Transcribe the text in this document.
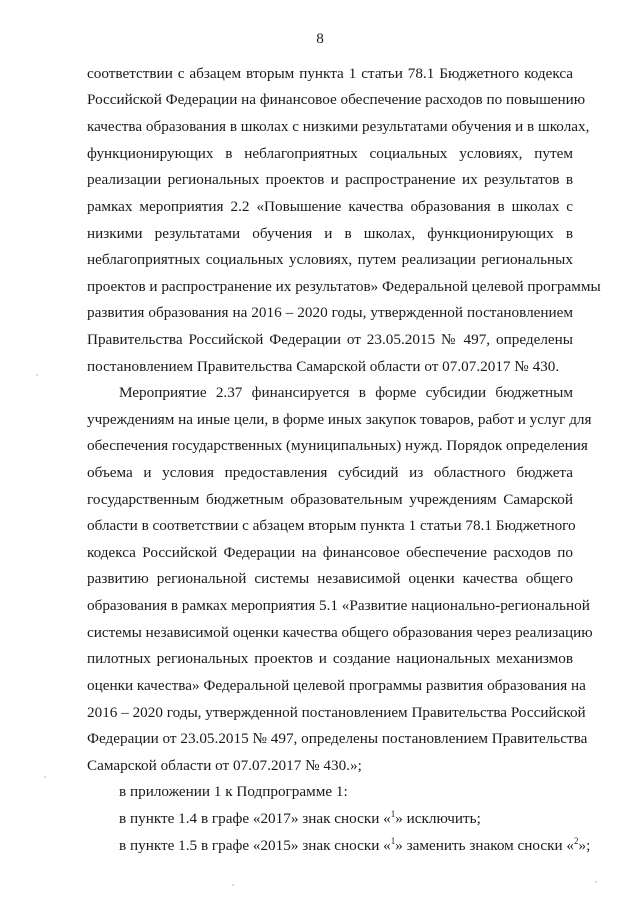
8
соответствии с абзацем вторым пункта 1 статьи 78.1 Бюджетного кодекса
Российской Федерации на финансовое обеспечение расходов по повышению
качества образования в школах с низкими результатами обучения и в школах,
функционирующих в неблагоприятных социальных условиях, путем
реализации региональных проектов и распространение их результатов в
рамках мероприятия 2.2 «Повышение качества образования в школах с
низкими результатами обучения и в школах, функционирующих в
неблагоприятных социальных условиях, путем реализации региональных
проектов и распространение их результатов» Федеральной целевой программы
развития образования на 2016 – 2020 годы, утвержденной постановлением
Правительства Российской Федерации от 23.05.2015 № 497, определены
постановлением Правительства Самарской области от 07.07.2017 № 430.
Мероприятие 2.37 финансируется в форме субсидии бюджетным
учреждениям на иные цели, в форме иных закупок товаров, работ и услуг для
обеспечения государственных (муниципальных) нужд. Порядок определения
объема и условия предоставления субсидий из областного бюджета
государственным бюджетным образовательным учреждениям Самарской
области в соответствии с абзацем вторым пункта 1 статьи 78.1 Бюджетного
кодекса Российской Федерации на финансовое обеспечение расходов по
развитию региональной системы независимой оценки качества общего
образования в рамках мероприятия 5.1 «Развитие национально-региональной
системы независимой оценки качества общего образования через реализацию
пилотных региональных проектов и создание национальных механизмов
оценки качества» Федеральной целевой программы развития образования на
2016 – 2020 годы, утвержденной постановлением Правительства Российской
Федерации от 23.05.2015 № 497, определены постановлением Правительства
Самарской области от 07.07.2017 № 430.»;
в приложении 1 к Подпрограмме 1:
в пункте 1.4 в графе «2017» знак сноски «$^1$» исключить;
в пункте 1.5 в графе «2015» знак сноски «$^1$» заменить знаком сноски «$^2$»;
